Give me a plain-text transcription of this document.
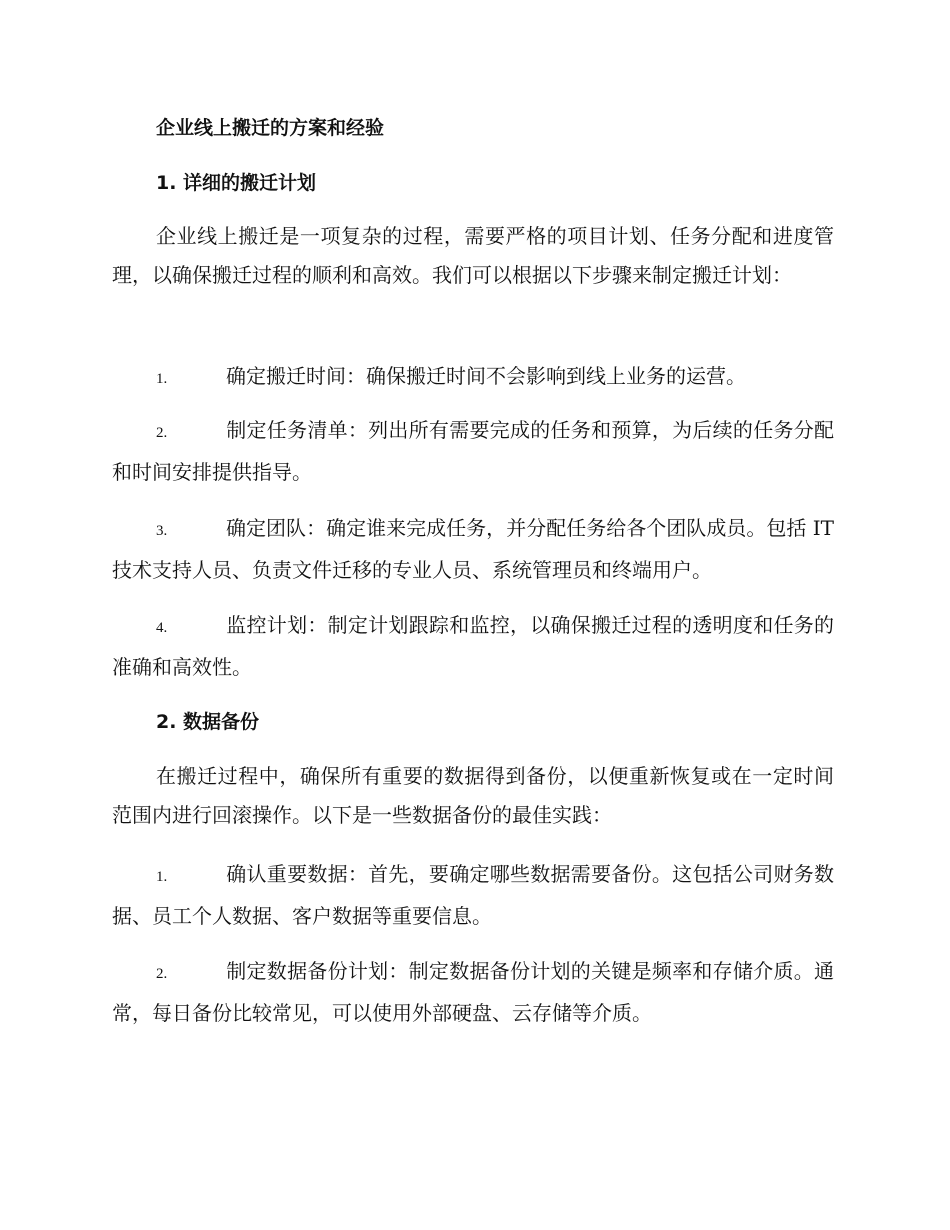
企业线上搬迁的方案和经验
1. 详细的搬迁计划
企业线上搬迁是一项复杂的过程，需要严格的项目计划、任务分配和进度管理，以确保搬迁过程的顺利和高效。我们可以根据以下步骤来制定搬迁计划：
1.	确定搬迁时间：确保搬迁时间不会影响到线上业务的运营。
2.	制定任务清单：列出所有需要完成的任务和预算，为后续的任务分配和时间安排提供指导。
3.	确定团队：确定谁来完成任务，并分配任务给各个团队成员。包括 IT 技术支持人员、负责文件迁移的专业人员、系统管理员和终端用户。
4.	监控计划：制定计划跟踪和监控，以确保搬迁过程的透明度和任务的准确和高效性。
2. 数据备份
在搬迁过程中，确保所有重要的数据得到备份，以便重新恢复或在一定时间范围内进行回滚操作。以下是一些数据备份的最佳实践：
1.	确认重要数据：首先，要确定哪些数据需要备份。这包括公司财务数据、员工个人数据、客户数据等重要信息。
2.	制定数据备份计划：制定数据备份计划的关键是频率和存储介质。通常，每日备份比较常见，可以使用外部硬盘、云存储等介质。
